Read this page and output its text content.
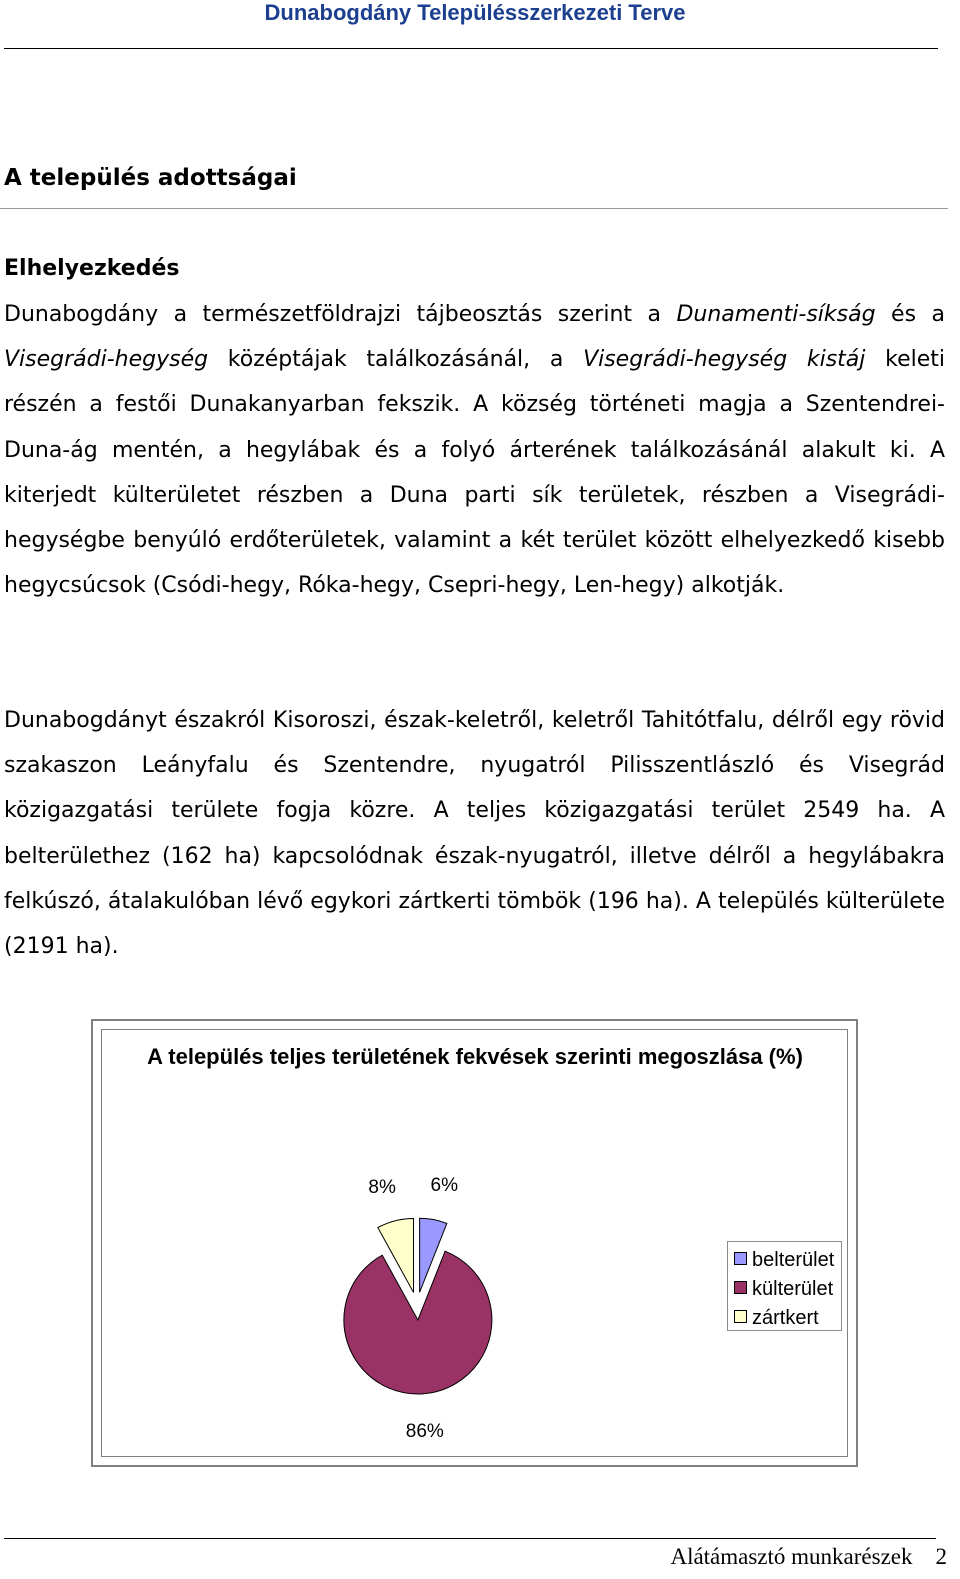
Dunabogdány Településszerkezeti Terve
A település adottságai
Elhelyezkedés

Dunabogdány a természetföldrajzi tájbeosztás szerint a Dunamenti-síkság és a Visegrádi-hegység középtájak találkozásánál, a Visegrádi-hegység kistáj keleti részén a festői Dunakanyarban fekszik. A község történeti magja a Szentendrei-Duna-ág mentén, a hegylábak és a folyó árterének találkozásánál alakult ki. A kiterjedt külterületet részben a Duna parti sík területek, részben a Visegrádi-hegységbe benyúló erdőterületek, valamint a két terület között elhelyezkedő kisebb hegycsúcsok (Csódi-hegy, Róka-hegy, Csepri-hegy, Len-hegy) alkotják.

Dunabogdányt északról Kisoroszi, észak-keletről, keletről Tahitótfalu, délről egy rövid szakaszon Leányfalu és Szentendre, nyugatról Pilisszentlászló és Visegrád közigazgatási területe fogja közre. A teljes közigazgatási terület 2549 ha. A belterülethez (162 ha) kapcsolódnak észak-nyugatról, illetve délről a hegylábakra felkúszó, átalakulóban lévő egykori zártkerti tömbök (196 ha). A település külterülete (2191 ha).

A település teljes területének fekvések szerinti megoszlása (%)
6%
86%
8%
belterület
külterület
zártkert
Alátámasztó munkarészek 2
